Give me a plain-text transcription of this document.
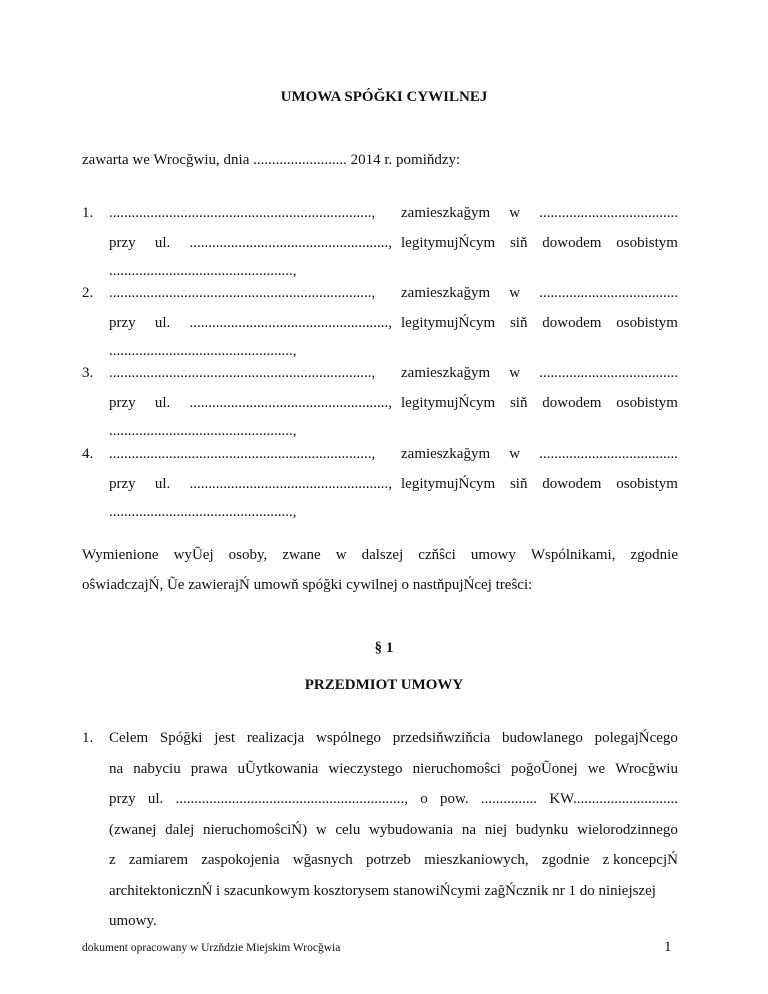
UMOWA SPÓĞKI CYWILNEJ
zawarta we Wrocğwiu, dnia ......................... 2014 r. pomiňdzy:
1. ......................................................................,	zamieszkağym w .....................................
przy ul. ....................................................., legitymujŃcym siň dowodem osobistym
.................................................,
2. ......................................................................,	zamieszkağym w .....................................
przy ul. ....................................................., legitymujŃcym siň dowodem osobistym
.................................................,
3. ......................................................................,	zamieszkağym w .....................................
przy ul. ....................................................., legitymujŃcym siň dowodem osobistym
.................................................,
4. ......................................................................,	zamieszkağym w .....................................
przy ul. ....................................................., legitymujŃcym siň dowodem osobistym
.................................................,
Wymienione wyŨej osoby, zwane w dalszej czňŝci umowy Wspólnikami, zgodnie
oŝwiadczajŃ, Ũe zawierajŃ umowň spóğki cywilnej o nastňpujŃcej treŝci:
§ 1
PRZEDMIOT UMOWY
1. Celem Spóğki jest realizacja wspólnego przedsiňwziňcia budowlanego polegajŃcego
na nabyciu prawa uŨytkowania wieczystego nieruchomoŝci poğoŨonej we Wrocğwiu
przy ul. ............................................................., o pow. ............... KW............................
(zwanej dalej nieruchomoŝciŃ) w celu wybudowania na niej budynku wielorodzinnego
z zamiarem zaspokojenia wğasnych potrzeb mieszkaniowych, zgodnie z koncepcjŃ
architektonicznŃ i szacunkowym kosztorysem stanowiŃcymi zağŃcznik nr 1 do niniejszej
umowy.
dokument opracowany w Urzňdzie Miejskim Wrocğwia	1
